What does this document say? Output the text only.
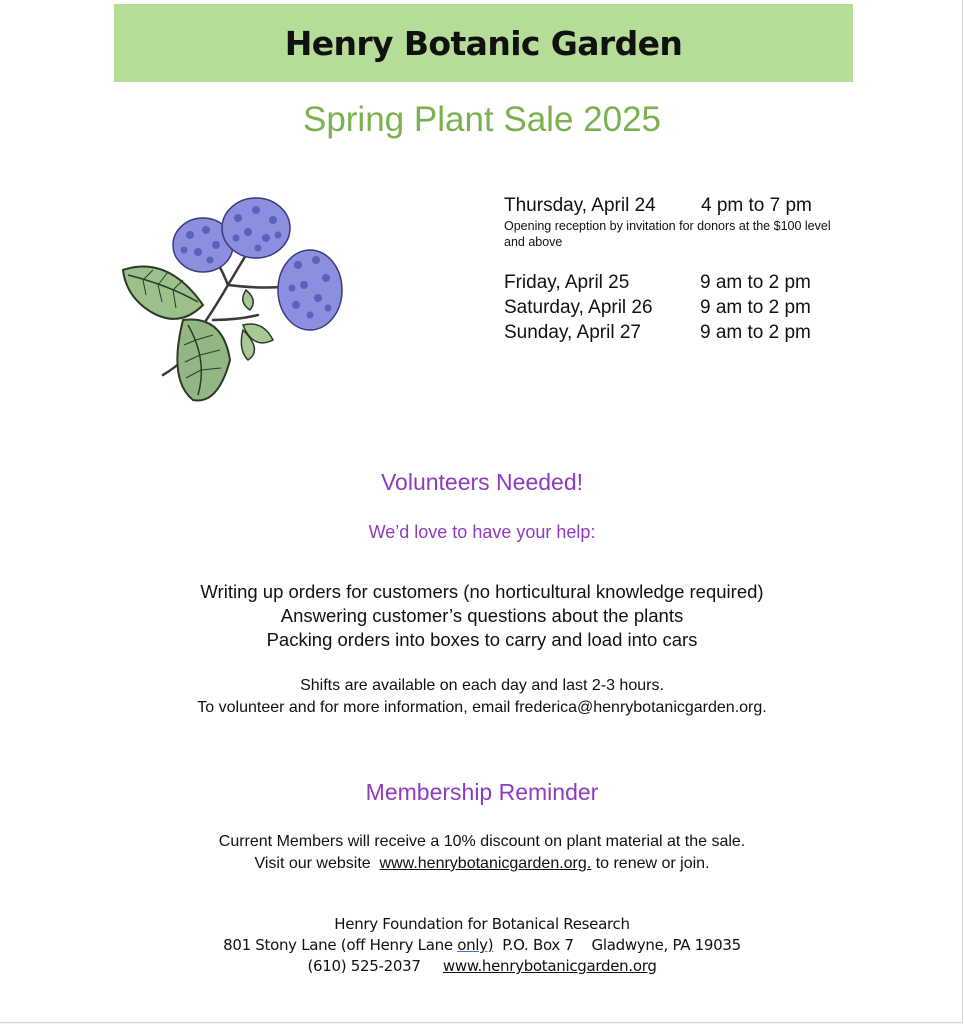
Henry Botanic Garden
Spring Plant Sale 2025
Thursday, April 24	4 pm to 7 pm
Opening reception by invitation for donors at the $100 level and above
Friday, April 25	9 am to 2 pm
Saturday, April 26	9 am to 2 pm
Sunday, April 27	9 am to 2 pm
Volunteers Needed!
We’d love to have your help:
Writing up orders for customers (no horticultural knowledge required)
Answering customer’s questions about the plants
Packing orders into boxes to carry and load into cars
Shifts are available on each day and last 2-3 hours.
To volunteer and for more information, email frederica@henrybotanicgarden.org.
Membership Reminder
Current Members will receive a 10% discount on plant material at the sale.
Visit our website www.henrybotanicgarden.org. to renew or join.
Henry Foundation for Botanical Research
801 Stony Lane (off Henry Lane only) P.O. Box 7 Gladwyne, PA 19035
(610) 525-2037 www.henrybotanicgarden.org
